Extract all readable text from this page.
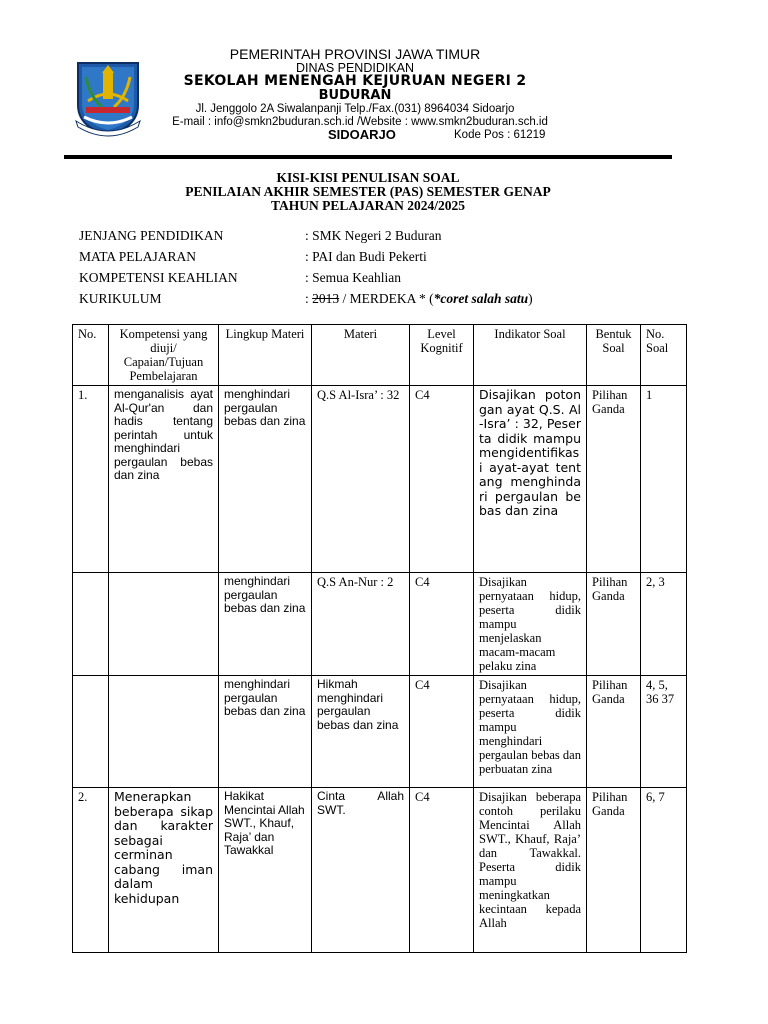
PEMERINTAH PROVINSI JAWA TIMUR
DINAS PENDIDIKAN
SEKOLAH MENENGAH KEJURUAN NEGERI 2
BUDURAN
Jl. Jenggolo 2A Siwalanpanji Telp./Fax.(031) 8964034 Sidoarjo
E-mail : info@smkn2buduran.sch.id /Website : www.smkn2buduran.sch.id
SIDOARJO	Kode Pos : 61219
KISI-KISI PENULISAN SOAL
PENILAIAN AKHIR SEMESTER (PAS) SEMESTER GENAP
TAHUN PELAJARAN 2024/2025
JENJANG PENDIDIKAN	: SMK Negeri 2 Buduran
MATA PELAJARAN	: PAI dan Budi Pekerti
KOMPETENSI KEAHLIAN	: Semua Keahlian
KURIKULUM	: 2013 / MERDEKA * (*coret salah satu)
No.	Kompetensi yang diuji/ Capaian/Tujuan Pembelajaran	Lingkup Materi	Materi	Level Kognitif	Indikator Soal	Bentuk Soal	No. Soal
1.	menganalisis ayat Al-Qur'an dan hadis tentang perintah untuk menghindari pergaulan bebas dan zina	menghindari pergaulan bebas dan zina	Q.S Al-Isra’ : 32	C4	Disajikan potongan ayat Q.S. Al-Isra’ : 32, Peserta didik mampu mengidentifikasi ayat-ayat tentang menghindari pergaulan bebas dan zina	Pilihan Ganda	1
		menghindari pergaulan bebas dan zina	Q.S An-Nur : 2	C4	Disajikan pernyataan hidup, peserta didik mampu menjelaskan macam-macam pelaku zina	Pilihan Ganda	2, 3
		menghindari pergaulan bebas dan zina	Hikmah menghindari pergaulan bebas dan zina	C4	Disajikan pernyataan hidup, peserta didik mampu menghindari pergaulan bebas dan perbuatan zina	Pilihan Ganda	4, 5, 36 37
2.	Menerapkan beberapa sikap dan karakter sebagai cerminan cabang iman dalam kehidupan	Hakikat Mencintai Allah SWT., Khauf, Raja’ dan Tawakkal	Cinta Allah SWT.	C4	Disajikan beberapa contoh perilaku Mencintai Allah SWT., Khauf, Raja’ dan Tawakkal. Peserta didik mampu meningkatkan kecintaan kepada Allah	Pilihan Ganda	6, 7
